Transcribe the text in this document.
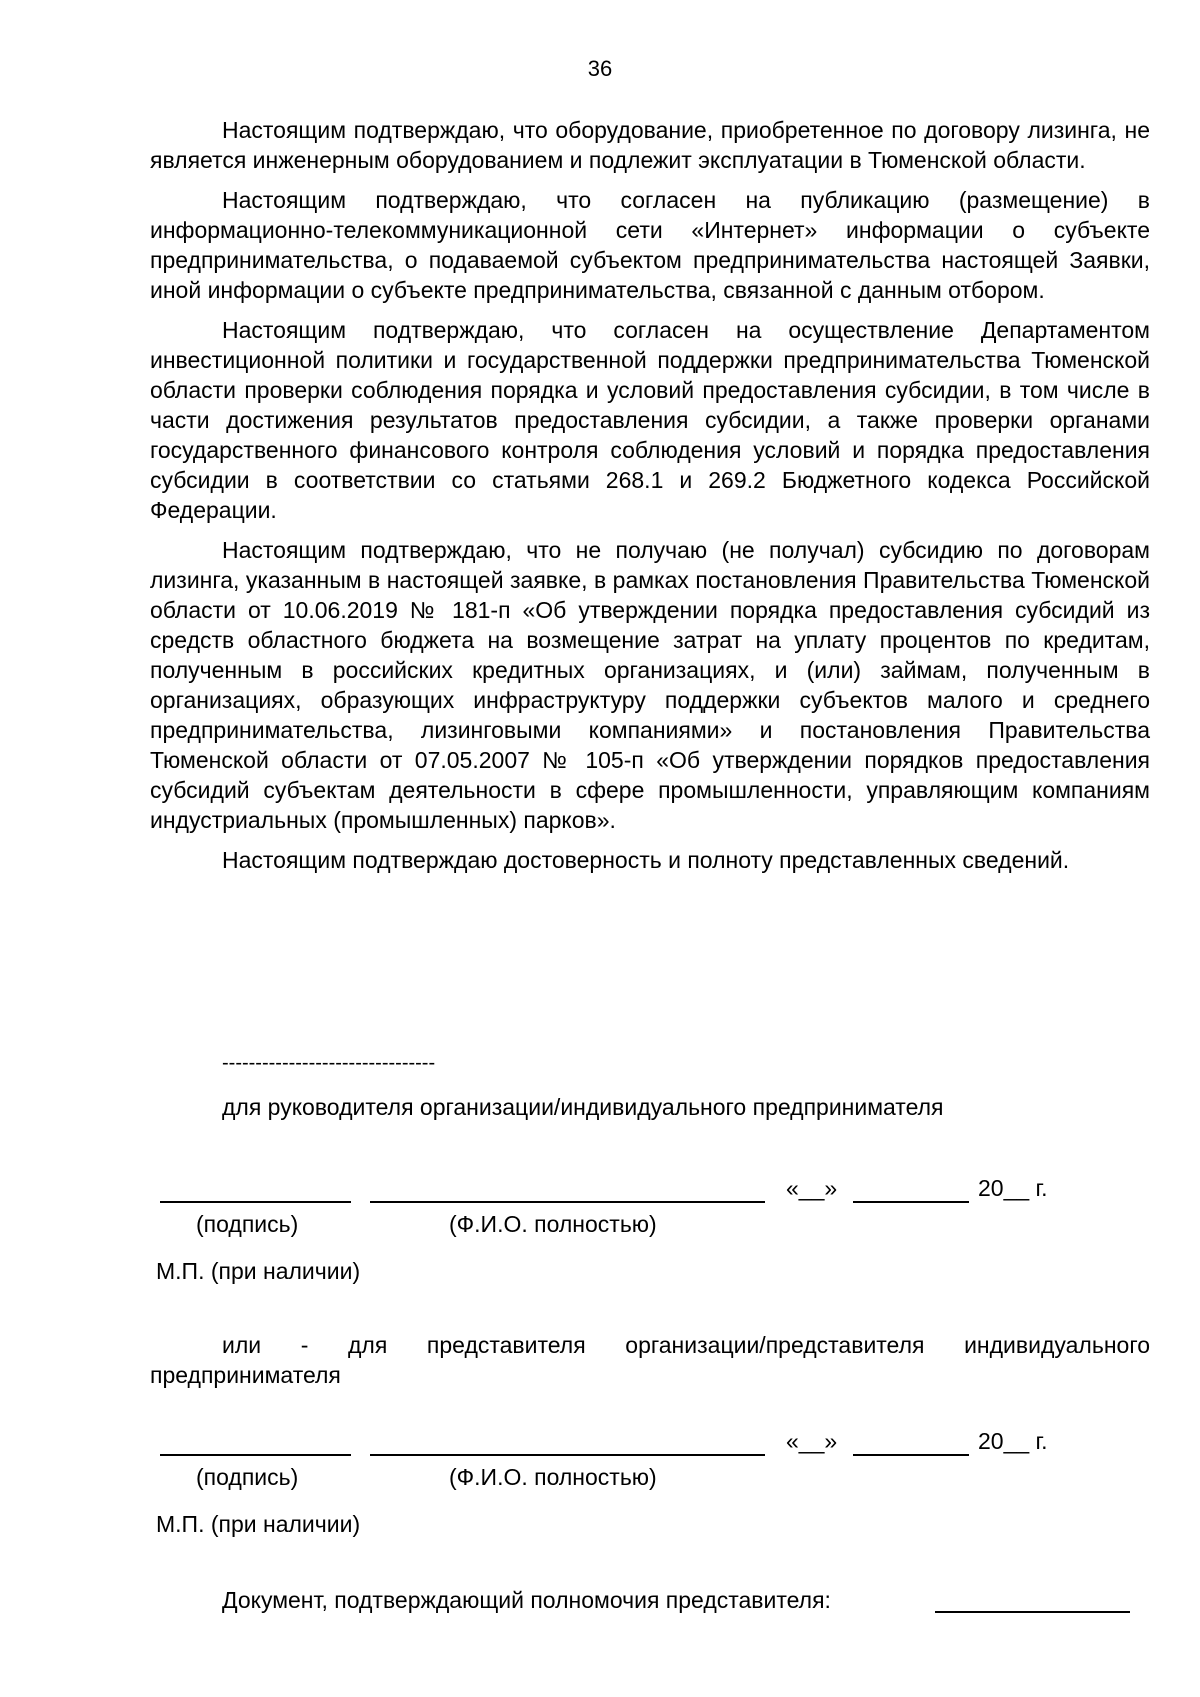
36

Настоящим подтверждаю, что оборудование, приобретенное по договору лизинга, не является инженерным оборудованием и подлежит эксплуатации в Тюменской области.

Настоящим подтверждаю, что согласен на публикацию (размещение) в информационно-телекоммуникационной сети «Интернет» информации о субъекте предпринимательства, о подаваемой субъектом предпринимательства настоящей Заявки, иной информации о субъекте предпринимательства, связанной с данным отбором.

Настоящим подтверждаю, что согласен на осуществление Департаментом инвестиционной политики и государственной поддержки предпринимательства Тюменской области проверки соблюдения порядка и условий предоставления субсидии, в том числе в части достижения результатов предоставления субсидии, а также проверки органами государственного финансового контроля соблюдения условий и порядка предоставления субсидии в соответствии со статьями 268.1 и 269.2 Бюджетного кодекса Российской Федерации.

Настоящим подтверждаю, что не получаю (не получал) субсидию по договорам лизинга, указанным в настоящей заявке, в рамках постановления Правительства Тюменской области от 10.06.2019 № 181-п «Об утверждении порядка предоставления субсидий из средств областного бюджета на возмещение затрат на уплату процентов по кредитам, полученным в российских кредитных организациях, и (или) займам, полученным в организациях, образующих инфраструктуру поддержки субъектов малого и среднего предпринимательства, лизинговыми компаниями» и постановления Правительства Тюменской области от 07.05.2007 № 105-п «Об утверждении порядков предоставления субсидий субъектам деятельности в сфере промышленности, управляющим компаниям индустриальных (промышленных) парков».

Настоящим подтверждаю достоверность и полноту представленных сведений.

--------------------------------
для руководителя организации/индивидуального предпринимателя
«__»	20__ г.
(подпись)	(Ф.И.О. полностью)
М.П. (при наличии)

или - для представителя организации/представителя индивидуального предпринимателя

«__»	20__ г.
(подпись)	(Ф.И.О. полностью)
М.П. (при наличии)
Документ, подтверждающий полномочия представителя:
